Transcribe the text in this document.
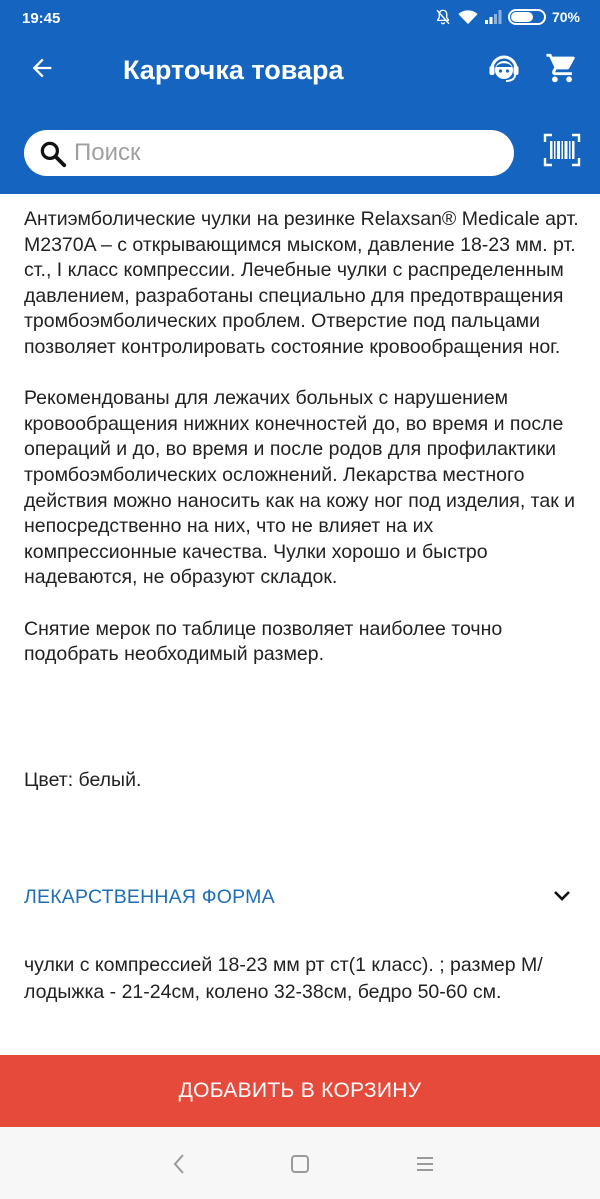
19:45	70%
Карточка товара
Поиск

Антиэмболические чулки на резинке Relaxsan® Medicale арт. M2370A – с открывающимся мыском, давление 18-23 мм. рт. ст., I класс компрессии. Лечебные чулки с распределенным давлением, разработаны специально для предотвращения тромбоэмболических проблем. Отверстие под пальцами позволяет контролировать состояние кровообращения ног.

Рекомендованы для лежачих больных с нарушением кровообращения нижних конечностей до, во время и после операций и до, во время и после родов для профилактики тромбоэмболических осложнений. Лекарства местного действия можно наносить как на кожу ног под изделия, так и непосредственно на них, что не влияет на их компрессионные качества. Чулки хорошо и быстро надеваются, не образуют складок.

Снятие мерок по таблице позволяет наиболее точно подобрать необходимый размер.

Цвет: белый.
ЛЕКАРСТВЕННАЯ ФОРМА
чулки с компрессией 18-23 мм рт ст(1 класс). ; размер М/ лодыжка - 21-24см, колено 32-38см, бедро 50-60 см.
ДОБАВИТЬ В КОРЗИНУ
